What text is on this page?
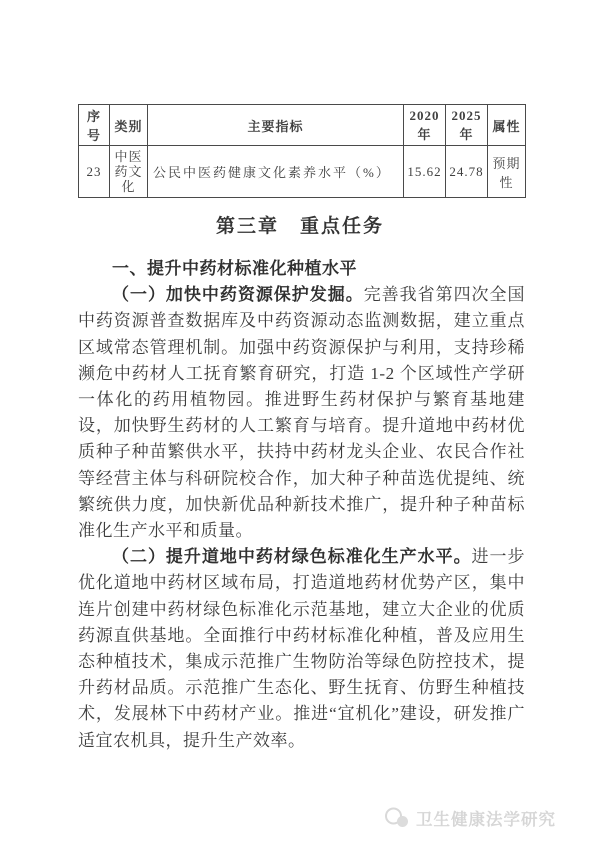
序号	类别	主要指标	2020 年	2025 年	属性
23	中医药文化	公民中医药健康文化素养水平（%）	15.62	24.78	预期性
第三章　重点任务
一、提升中药材标准化种植水平

（一）加快中药资源保护发掘。完善我省第四次全国中药资源普查数据库及中药资源动态监测数据，建立重点区域常态管理机制。加强中药资源保护与利用，支持珍稀濒危中药材人工抚育繁育研究，打造 1-2 个区域性产学研一体化的药用植物园。推进野生药材保护与繁育基地建设，加快野生药材的人工繁育与培育。提升道地中药材优质种子种苗繁供水平，扶持中药材龙头企业、农民合作社等经营主体与科研院校合作，加大种子种苗选优提纯、统繁统供力度，加快新优品种新技术推广，提升种子种苗标准化生产水平和质量。

（二）提升道地中药材绿色标准化生产水平。进一步优化道地中药材区域布局，打造道地药材优势产区，集中连片创建中药材绿色标准化示范基地，建立大企业的优质药源直供基地。全面推行中药材标准化种植，普及应用生态种植技术，集成示范推广生物防治等绿色防控技术，提升药材品质。示范推广生态化、野生抚育、仿野生种植技术，发展林下中药材产业。推进“宜机化”建设，研发推广适宜农机具，提升生产效率。

卫生健康法学研究
